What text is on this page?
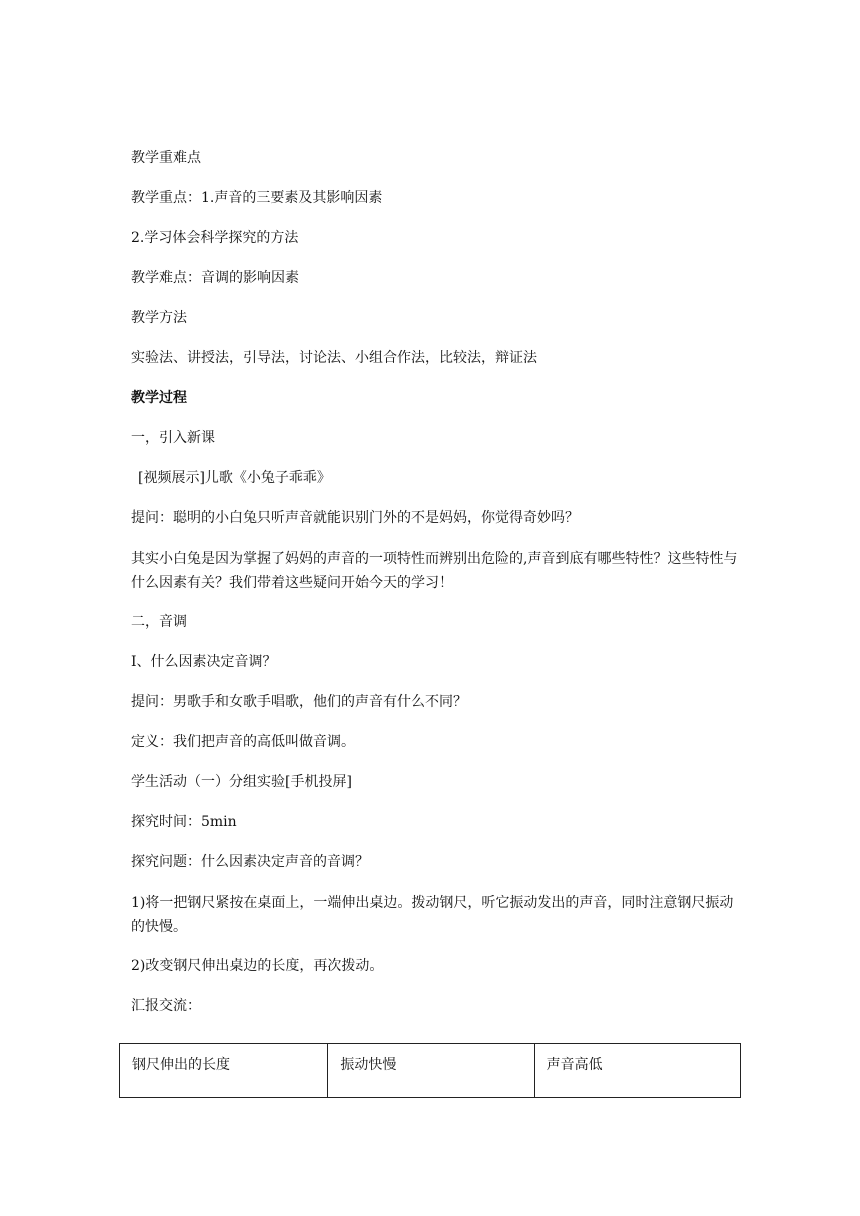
教学重难点

教学重点：1.声音的三要素及其影响因素

2.学习体会科学探究的方法

教学难点：音调的影响因素

教学方法

实验法、讲授法，引导法，讨论法、小组合作法，比较法，辩证法

教学过程

一，引入新课

[视频展示]儿歌《小兔子乖乖》

提问：聪明的小白兔只听声音就能识别门外的不是妈妈，你觉得奇妙吗？

其实小白兔是因为掌握了妈妈的声音的一项特性而辨别出危险的,声音到底有哪些特性？这些特性与什么因素有关？我们带着这些疑问开始今天的学习！

二，音调

Ⅰ、什么因素决定音调？

提问：男歌手和女歌手唱歌，他们的声音有什么不同？

定义：我们把声音的高低叫做音调。

学生活动（一）分组实验[手机投屏]

探究时间：5min

探究问题：什么因素决定声音的音调？

1)将一把钢尺紧按在桌面上，一端伸出桌边。拨动钢尺，听它振动发出的声音，同时注意钢尺振动的快慢。

2)改变钢尺伸出桌边的长度，再次拨动。

汇报交流：

钢尺伸出的长度	振动快慢	声音高低
